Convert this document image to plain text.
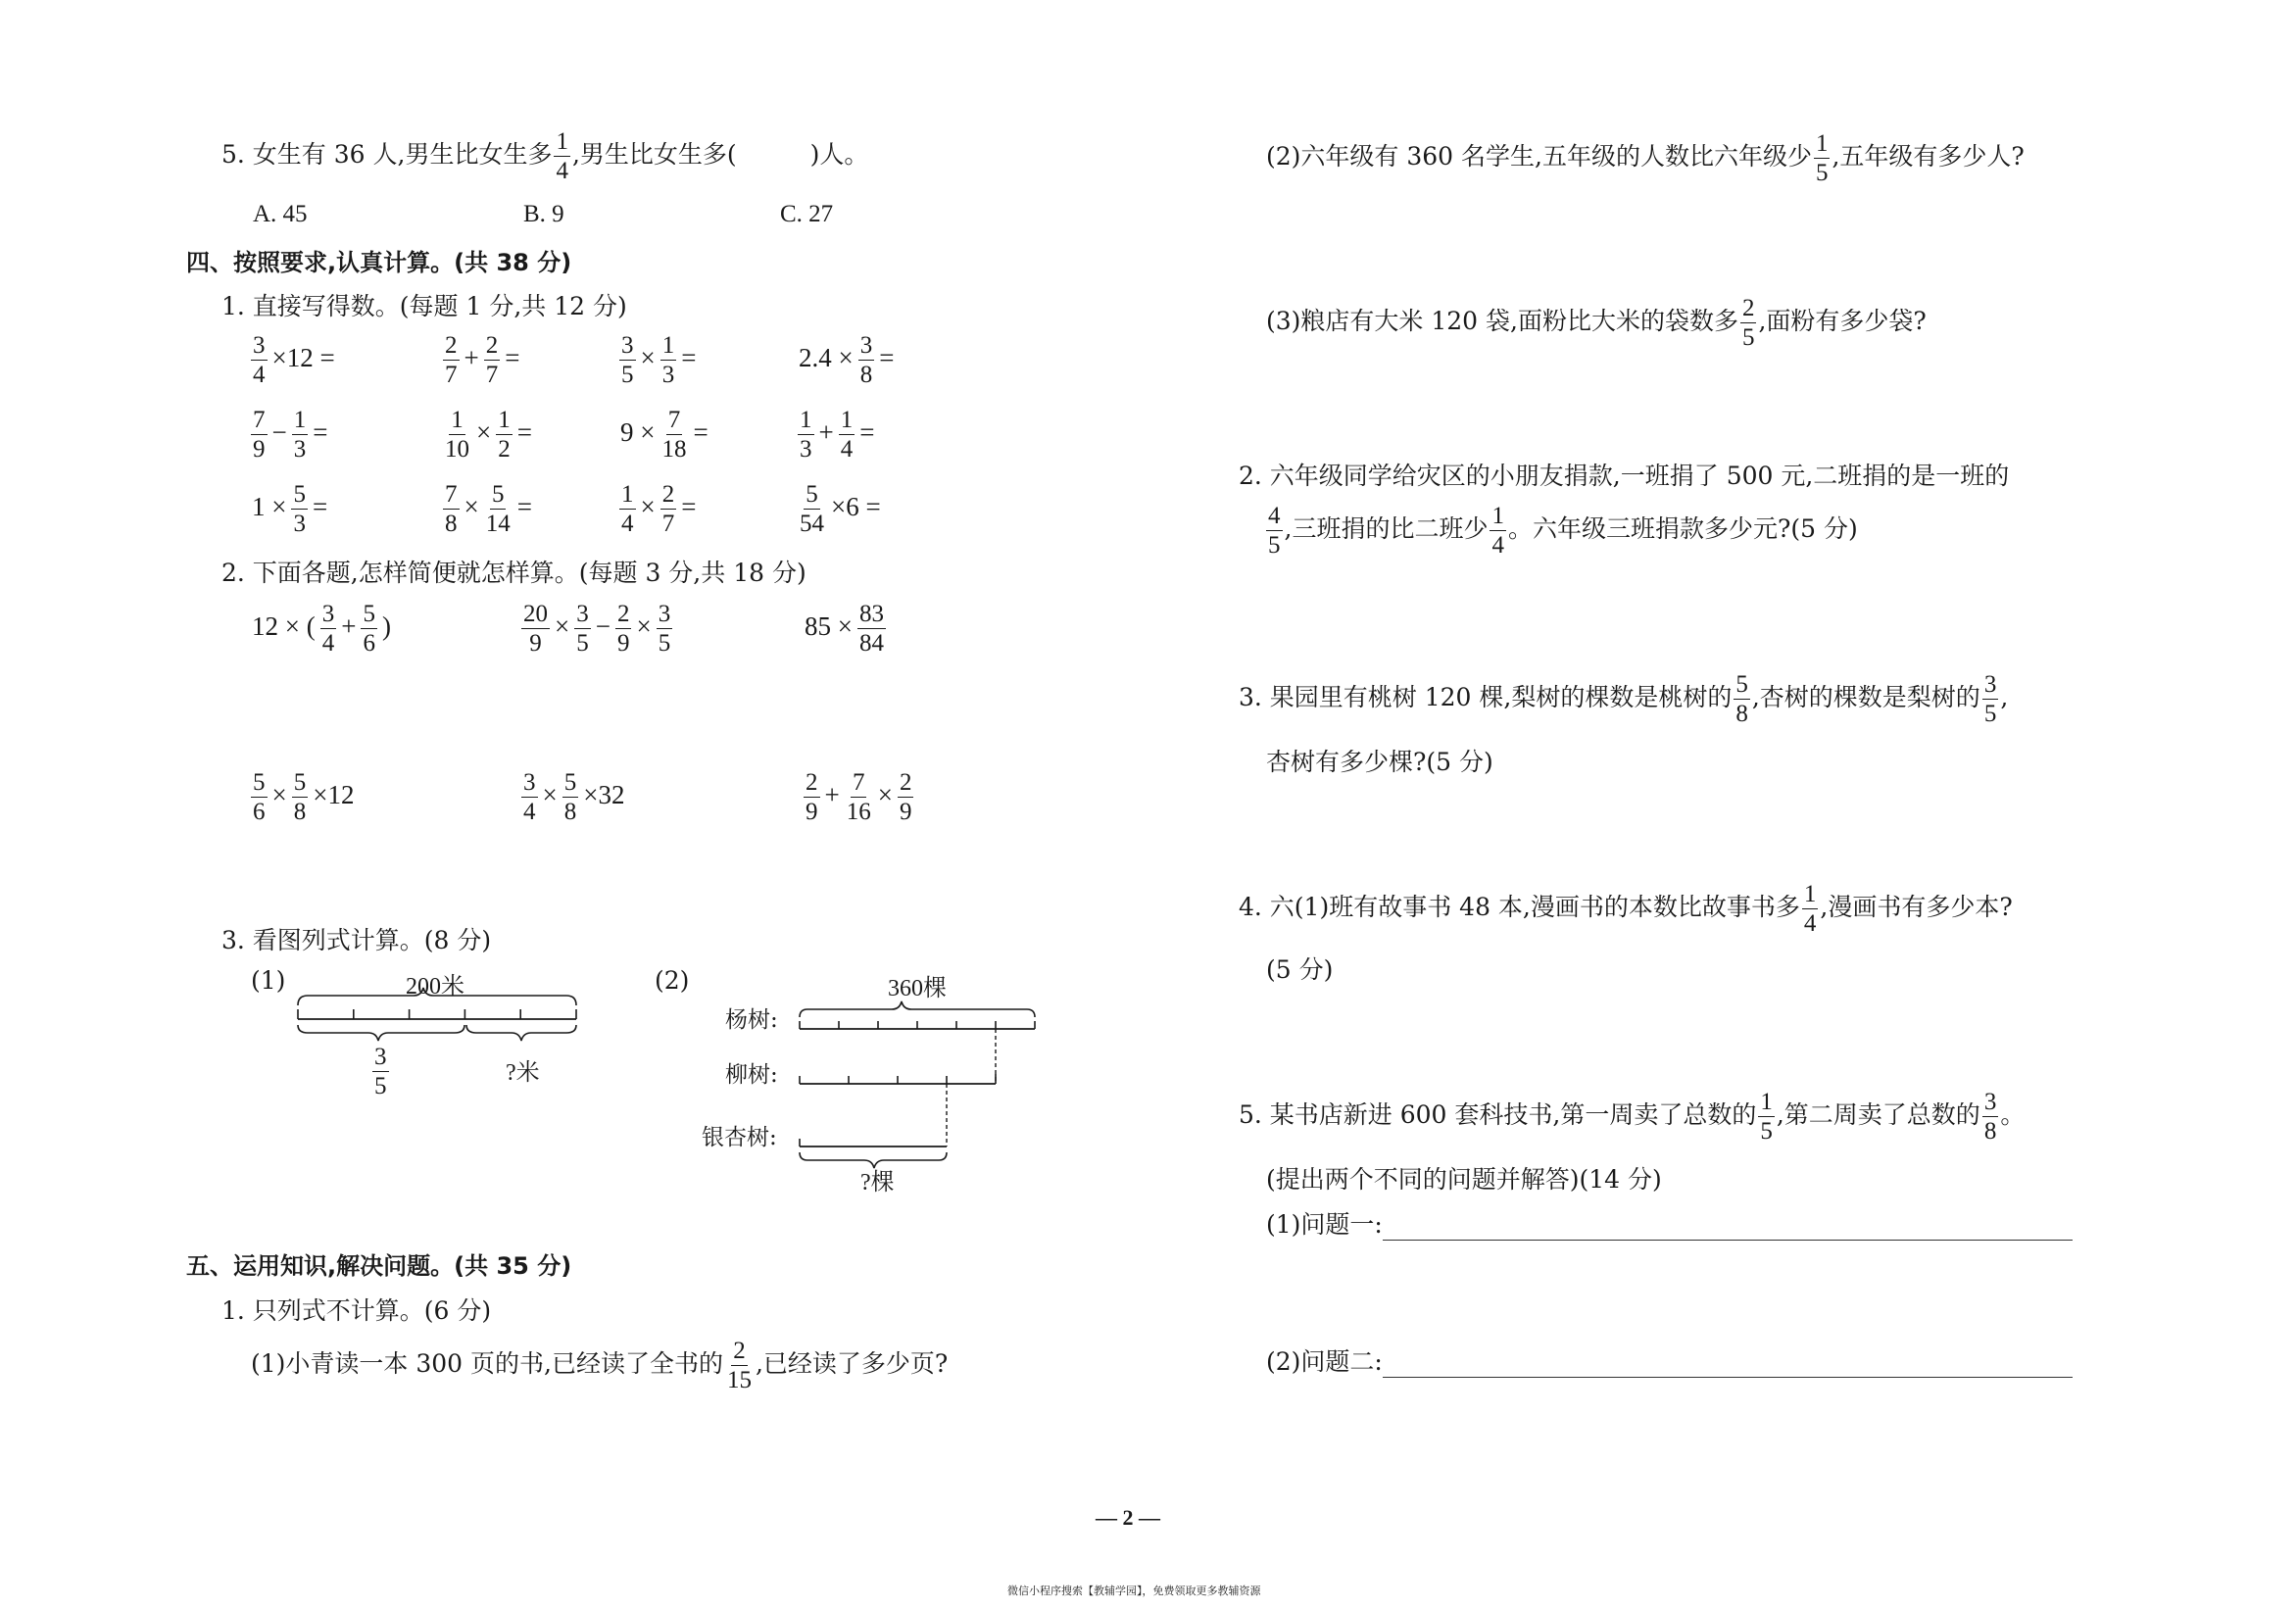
5. 女生有 36 人,男生比女生多 $\frac{1}{4}$ ,男生比女生多(　　　)人。
A. 45	B. 9	C. 27
四、按照要求,认真计算。(共 38 分)
1. 直接写得数。(每题 1 分,共 12 分)
$\frac{3}{4} \times 12$ =	$\frac{2}{7} + \frac{2}{7}$ =	$\frac{3}{5} \times \frac{1}{3}$ =	$2.4 \times \frac{3}{8}$ =
$\frac{7}{9} - \frac{1}{3}$ =	$\frac{1}{10} \times \frac{1}{2}$ =	$9 \times \frac{7}{18}$ =	$\frac{1}{3} + \frac{1}{4}$ =
$1 \times \frac{5}{3}$ =	$\frac{7}{8} \times \frac{5}{14}$ =	$\frac{1}{4} \times \frac{2}{7}$ =	$\frac{5}{54} \times 6$ =
2. 下面各题,怎样简便就怎样算。(每题 3 分,共 18 分)
12 × ( $\frac{3}{4} + \frac{5}{6}$ )	$\frac{20}{9} \times \frac{3}{5} - \frac{2}{9} \times \frac{3}{5}$	$85 \times \frac{83}{84}$
$\frac{5}{6} \times \frac{5}{8} \times 12$	$\frac{3}{4} \times \frac{5}{8} \times 32$	$\frac{2}{9} + \frac{7}{16} \times \frac{2}{9}$
3. 看图列式计算。(8 分)
(1)	200米
$\frac{3}{5}$	?米
(2)	360棵
杨树:
柳树:
银杏树:
?棵
五、运用知识,解决问题。(共 35 分)
1. 只列式不计算。(6 分)
(1)小青读一本 300 页的书,已经读了全书的 $\frac{2}{15}$ ,已经读了多少页?
(2)六年级有 360 名学生,五年级的人数比六年级少 $\frac{1}{5}$ ,五年级有多少人?
(3)粮店有大米 120 袋,面粉比大米的袋数多 $\frac{2}{5}$ ,面粉有多少袋?
2. 六年级同学给灾区的小朋友捐款,一班捐了 500 元,二班捐的是一班的
$\frac{4}{5}$ ,三班捐的比二班少 $\frac{1}{4}$ 。六年级三班捐款多少元?(5 分)
3. 果园里有桃树 120 棵,梨树的棵数是桃树的 $\frac{5}{8}$ ,杏树的棵数是梨树的 $\frac{3}{5}$ ,
杏树有多少棵?(5 分)
4. 六(1)班有故事书 48 本,漫画书的本数比故事书多 $\frac{1}{4}$ ,漫画书有多少本?
(5 分)
5. 某书店新进 600 套科技书,第一周卖了总数的 $\frac{1}{5}$ ,第二周卖了总数的 $\frac{3}{8}$ 。
(提出两个不同的问题并解答)(14 分)
(1)问题一:
(2)问题二:
— 2 —
微信小程序搜索【教辅学园】，免费领取更多教辅资源
